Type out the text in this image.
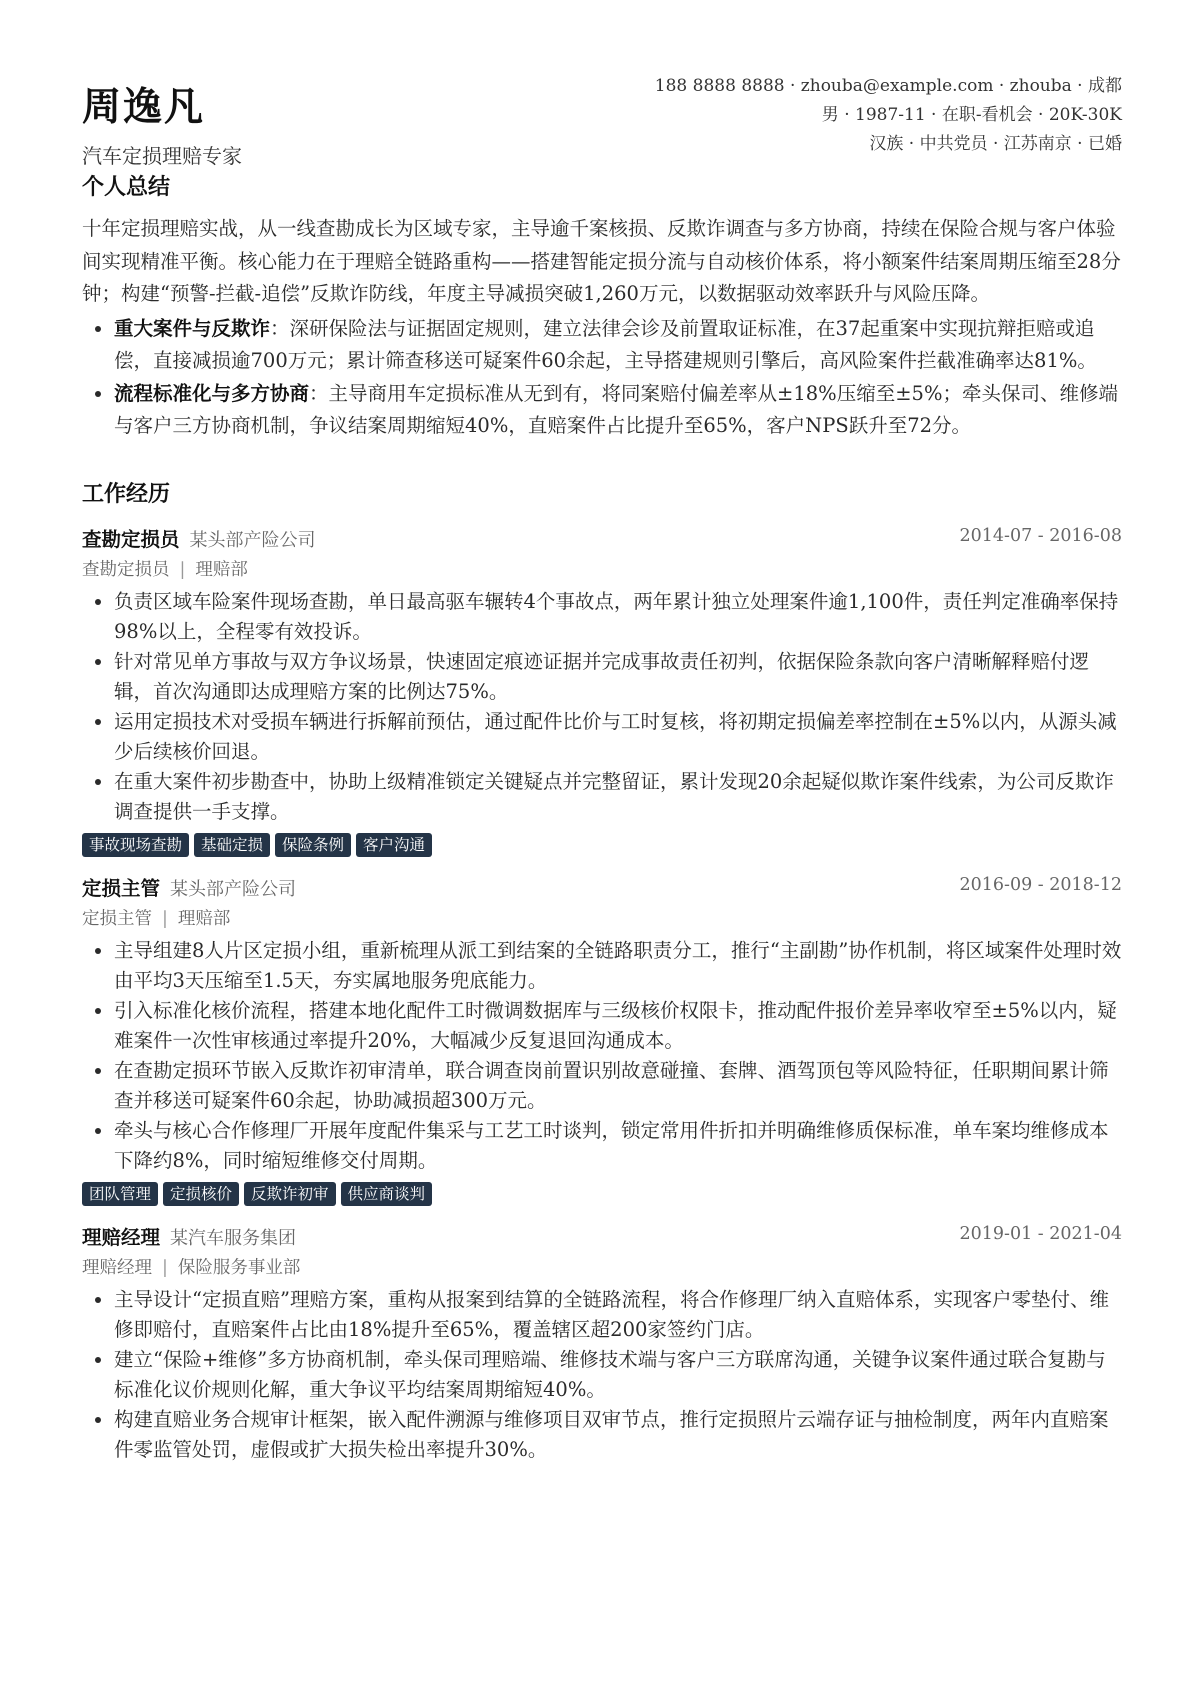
周逸凡
汽车定损理赔专家
188 8888 8888 · zhouba@example.com · zhouba · 成都
男 · 1987-11 · 在职-看机会 · 20K-30K
汉族 · 中共党员 · 江苏南京 · 已婚
个人总结
十年定损理赔实战，从一线查勘成长为区域专家，主导逾千案核损、反欺诈调查与多方协商，持续在保险合规与客户体验间实现精准平衡。核心能力在于理赔全链路重构——搭建智能定损分流与自动核价体系，将小额案件结案周期压缩至28分钟；构建“预警-拦截-追偿”反欺诈防线，年度主导减损突破1,260万元，以数据驱动效率跃升与风险压降。
• 重大案件与反欺诈：深研保险法与证据固定规则，建立法律会诊及前置取证标准，在37起重案中实现抗辩拒赔或追偿，直接减损逾700万元；累计筛查移送可疑案件60余起，主导搭建规则引擎后，高风险案件拦截准确率达81%。
• 流程标准化与多方协商：主导商用车定损标准从无到有，将同案赔付偏差率从±18%压缩至±5%；牵头保司、维修端与客户三方协商机制，争议结案周期缩短40%，直赔案件占比提升至65%，客户NPS跃升至72分。
工作经历
查勘定损员 某头部产险公司	2014-07 - 2016-08
查勘定损员 | 理赔部
• 负责区域车险案件现场查勘，单日最高驱车辗转4个事故点，两年累计独立处理案件逾1,100件，责任判定准确率保持98%以上，全程零有效投诉。
• 针对常见单方事故与双方争议场景，快速固定痕迹证据并完成事故责任初判，依据保险条款向客户清晰解释赔付逻辑，首次沟通即达成理赔方案的比例达75%。
• 运用定损技术对受损车辆进行拆解前预估，通过配件比价与工时复核，将初期定损偏差率控制在±5%以内，从源头减少后续核价回退。
• 在重大案件初步勘查中，协助上级精准锁定关键疑点并完整留证，累计发现20余起疑似欺诈案件线索，为公司反欺诈调查提供一手支撑。
事故现场查勘	基础定损	保险条例	客户沟通
定损主管 某头部产险公司	2016-09 - 2018-12
定损主管 | 理赔部
• 主导组建8人片区定损小组，重新梳理从派工到结案的全链路职责分工，推行“主副勘”协作机制，将区域案件处理时效由平均3天压缩至1.5天，夯实属地服务兜底能力。
• 引入标准化核价流程，搭建本地化配件工时微调数据库与三级核价权限卡，推动配件报价差异率收窄至±5%以内，疑难案件一次性审核通过率提升20%，大幅减少反复退回沟通成本。
• 在查勘定损环节嵌入反欺诈初审清单，联合调查岗前置识别故意碰撞、套牌、酒驾顶包等风险特征，任职期间累计筛查并移送可疑案件60余起，协助减损超300万元。
• 牵头与核心合作修理厂开展年度配件集采与工艺工时谈判，锁定常用件折扣并明确维修质保标准，单车案均维修成本下降约8%，同时缩短维修交付周期。
团队管理	定损核价	反欺诈初审	供应商谈判
理赔经理 某汽车服务集团	2019-01 - 2021-04
理赔经理 | 保险服务事业部
• 主导设计“定损直赔”理赔方案，重构从报案到结算的全链路流程，将合作修理厂纳入直赔体系，实现客户零垫付、维修即赔付，直赔案件占比由18%提升至65%，覆盖辖区超200家签约门店。
• 建立“保险+维修”多方协商机制，牵头保司理赔端、维修技术端与客户三方联席沟通，关键争议案件通过联合复勘与标准化议价规则化解，重大争议平均结案周期缩短40%。
• 构建直赔业务合规审计框架，嵌入配件溯源与维修项目双审节点，推行定损照片云端存证与抽检制度，两年内直赔案件零监管处罚，虚假或扩大损失检出率提升30%。
